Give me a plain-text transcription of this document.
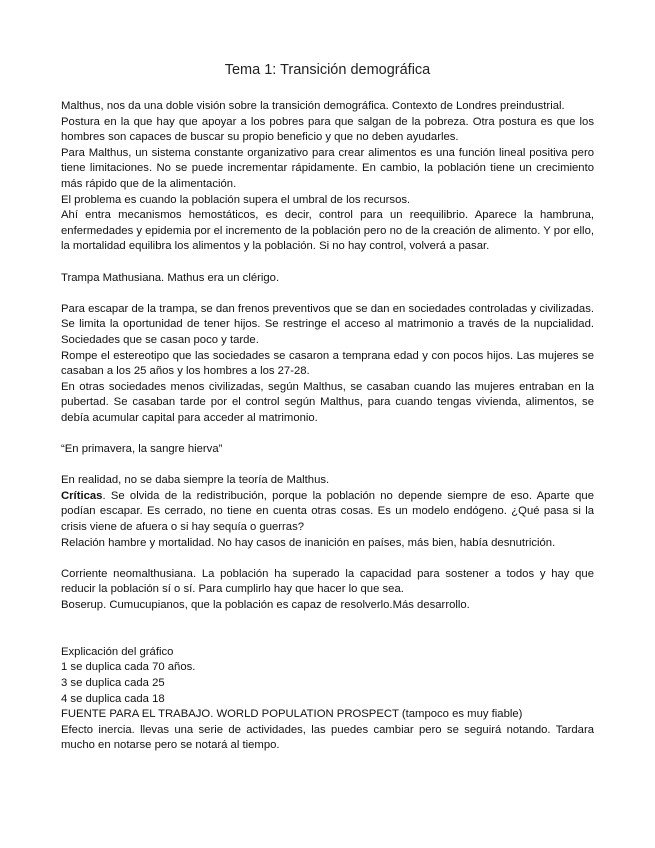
Tema 1: Transición demográfica

Malthus, nos da una doble visión sobre la transición demográfica. Contexto de Londres preindustrial.

Postura en la que hay que apoyar a los pobres para que salgan de la pobreza. Otra postura es que los hombres son capaces de buscar su propio beneficio y que no deben ayudarles.

Para Malthus, un sistema constante organizativo para crear alimentos es una función lineal positiva pero tiene limitaciones. No se puede incrementar rápidamente. En cambio, la población tiene un crecimiento más rápido que de la alimentación.

El problema es cuando la población supera el umbral de los recursos.

Ahí entra mecanismos hemostáticos, es decir, control para un reequilibrio. Aparece la hambruna, enfermedades y epidemia por el incremento de la población pero no de la creación de alimento. Y por ello, la mortalidad equilibra los alimentos y la población. Si no hay control, volverá a pasar.

Trampa Mathusiana. Mathus era un clérigo.

Para escapar de la trampa, se dan frenos preventivos que se dan en sociedades controladas y civilizadas. Se limita la oportunidad de tener hijos. Se restringe el acceso al matrimonio a través de la nupcialidad. Sociedades que se casan poco y tarde.

Rompe el estereotipo que las sociedades se casaron a temprana edad y con pocos hijos. Las mujeres se casaban a los 25 años y los hombres a los 27-28.

En otras sociedades menos civilizadas, según Malthus, se casaban cuando las mujeres entraban en la pubertad. Se casaban tarde por el control según Malthus, para cuando tengas vivienda, alimentos, se debía acumular capital para acceder al matrimonio.

“En primavera, la sangre hierva”

En realidad, no se daba siempre la teoría de Malthus.

Críticas. Se olvida de la redistribución, porque la población no depende siempre de eso. Aparte que podían escapar. Es cerrado, no tiene en cuenta otras cosas. Es un modelo endógeno. ¿Qué pasa si la crisis viene de afuera o si hay sequía o guerras?

Relación hambre y mortalidad. No hay casos de inanición en países, más bien, había desnutrición.

Corriente neomalthusiana. La población ha superado la capacidad para sostener a todos y hay que reducir la población sí o sí. Para cumplirlo hay que hacer lo que sea.

Boserup. Cumucupianos, que la población es capaz de resolverlo.Más desarrollo.

Explicación del gráfico

1 se duplica cada 70 años.

3 se duplica cada 25

4 se duplica cada 18

FUENTE PARA EL TRABAJO. WORLD POPULATION PROSPECT (tampoco es muy fiable)

Efecto inercia. llevas una serie de actividades, las puedes cambiar pero se seguirá notando. Tardara mucho en notarse pero se notará al tiempo.
